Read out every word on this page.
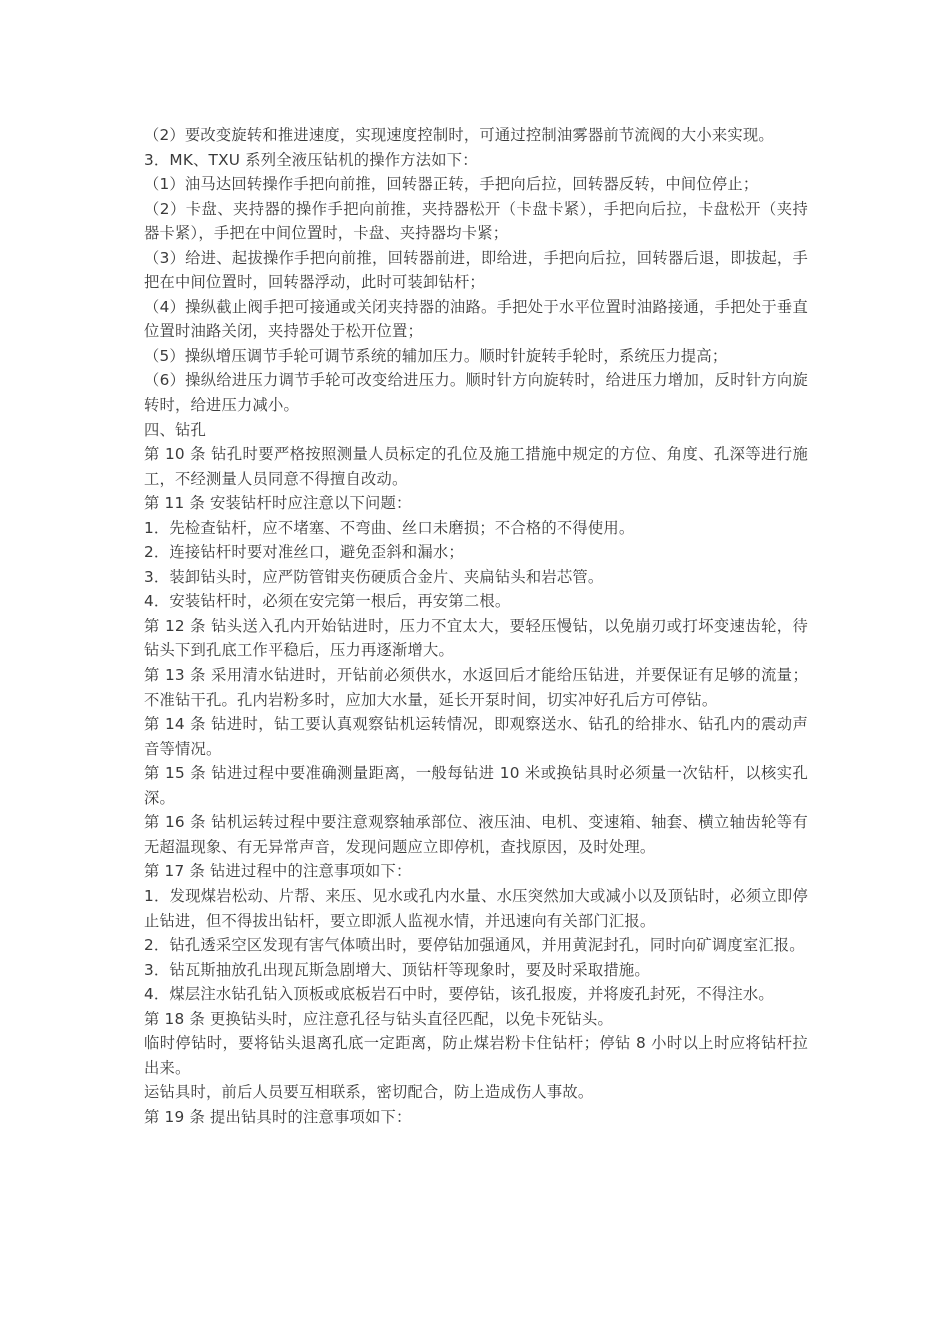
（2）要改变旋转和推进速度，实现速度控制时，可通过控制油雾器前节流阀的大小来实现。

3．MK、TXU 系列全液压钻机的操作方法如下：

（1）油马达回转操作手把向前推，回转器正转，手把向后拉，回转器反转，中间位停止；

（2）卡盘、夹持器的操作手把向前推，夹持器松开（卡盘卡紧），手把向后拉，卡盘松开（夹持器卡紧），手把在中间位置时，卡盘、夹持器均卡紧；

（3）给进、起拔操作手把向前推，回转器前进，即给进，手把向后拉，回转器后退，即拔起，手把在中间位置时，回转器浮动，此时可装卸钻杆；

（4）操纵截止阀手把可接通或关闭夹持器的油路。手把处于水平位置时油路接通，手把处于垂直位置时油路关闭，夹持器处于松开位置；

（5）操纵增压调节手轮可调节系统的辅加压力。顺时针旋转手轮时，系统压力提高；

（6）操纵给进压力调节手轮可改变给进压力。顺时针方向旋转时，给进压力增加，反时针方向旋转时，给进压力减小。

四、钻孔

第 10 条 钻孔时要严格按照测量人员标定的孔位及施工措施中规定的方位、角度、孔深等进行施工，不经测量人员同意不得擅自改动。

第 11 条 安装钻杆时应注意以下问题：

1．先检查钻杆，应不堵塞、不弯曲、丝口未磨损；不合格的不得使用。

2．连接钻杆时要对准丝口，避免歪斜和漏水；

3．装卸钻头时，应严防管钳夹伤硬质合金片、夹扁钻头和岩芯管。

4．安装钻杆时，必须在安完第一根后，再安第二根。

第 12 条 钻头送入孔内开始钻进时，压力不宜太大，要轻压慢钻，以免崩刃或打坏变速齿轮，待钻头下到孔底工作平稳后，压力再逐渐增大。

第 13 条 采用清水钻进时，开钻前必须供水，水返回后才能给压钻进，并要保证有足够的流量；不准钻干孔。孔内岩粉多时，应加大水量，延长开泵时间，切实冲好孔后方可停钻。

第 14 条 钻进时，钻工要认真观察钻机运转情况，即观察送水、钻孔的给排水、钻孔内的震动声音等情况。

第 15 条 钻进过程中要准确测量距离，一般每钻进 10 米或换钻具时必须量一次钻杆，以核实孔深。

第 16 条 钻机运转过程中要注意观察轴承部位、液压油、电机、变速箱、轴套、横立轴齿轮等有无超温现象、有无异常声音，发现问题应立即停机，查找原因，及时处理。

第 17 条 钻进过程中的注意事项如下：

1．发现煤岩松动、片帮、来压、见水或孔内水量、水压突然加大或减小以及顶钻时，必须立即停止钻进，但不得拔出钻杆，要立即派人监视水情，并迅速向有关部门汇报。

2．钻孔透采空区发现有害气体喷出时，要停钻加强通风，并用黄泥封孔，同时向矿调度室汇报。

3．钻瓦斯抽放孔出现瓦斯急剧增大、顶钻杆等现象时，要及时采取措施。

4．煤层注水钻孔钻入顶板或底板岩石中时，要停钻，该孔报废，并将废孔封死，不得注水。

第 18 条 更换钻头时，应注意孔径与钻头直径匹配，以免卡死钻头。

临时停钻时，要将钻头退离孔底一定距离，防止煤岩粉卡住钻杆；停钻 8 小时以上时应将钻杆拉出来。

运钻具时，前后人员要互相联系，密切配合，防上造成伤人事故。

第 19 条 提出钻具时的注意事项如下：
